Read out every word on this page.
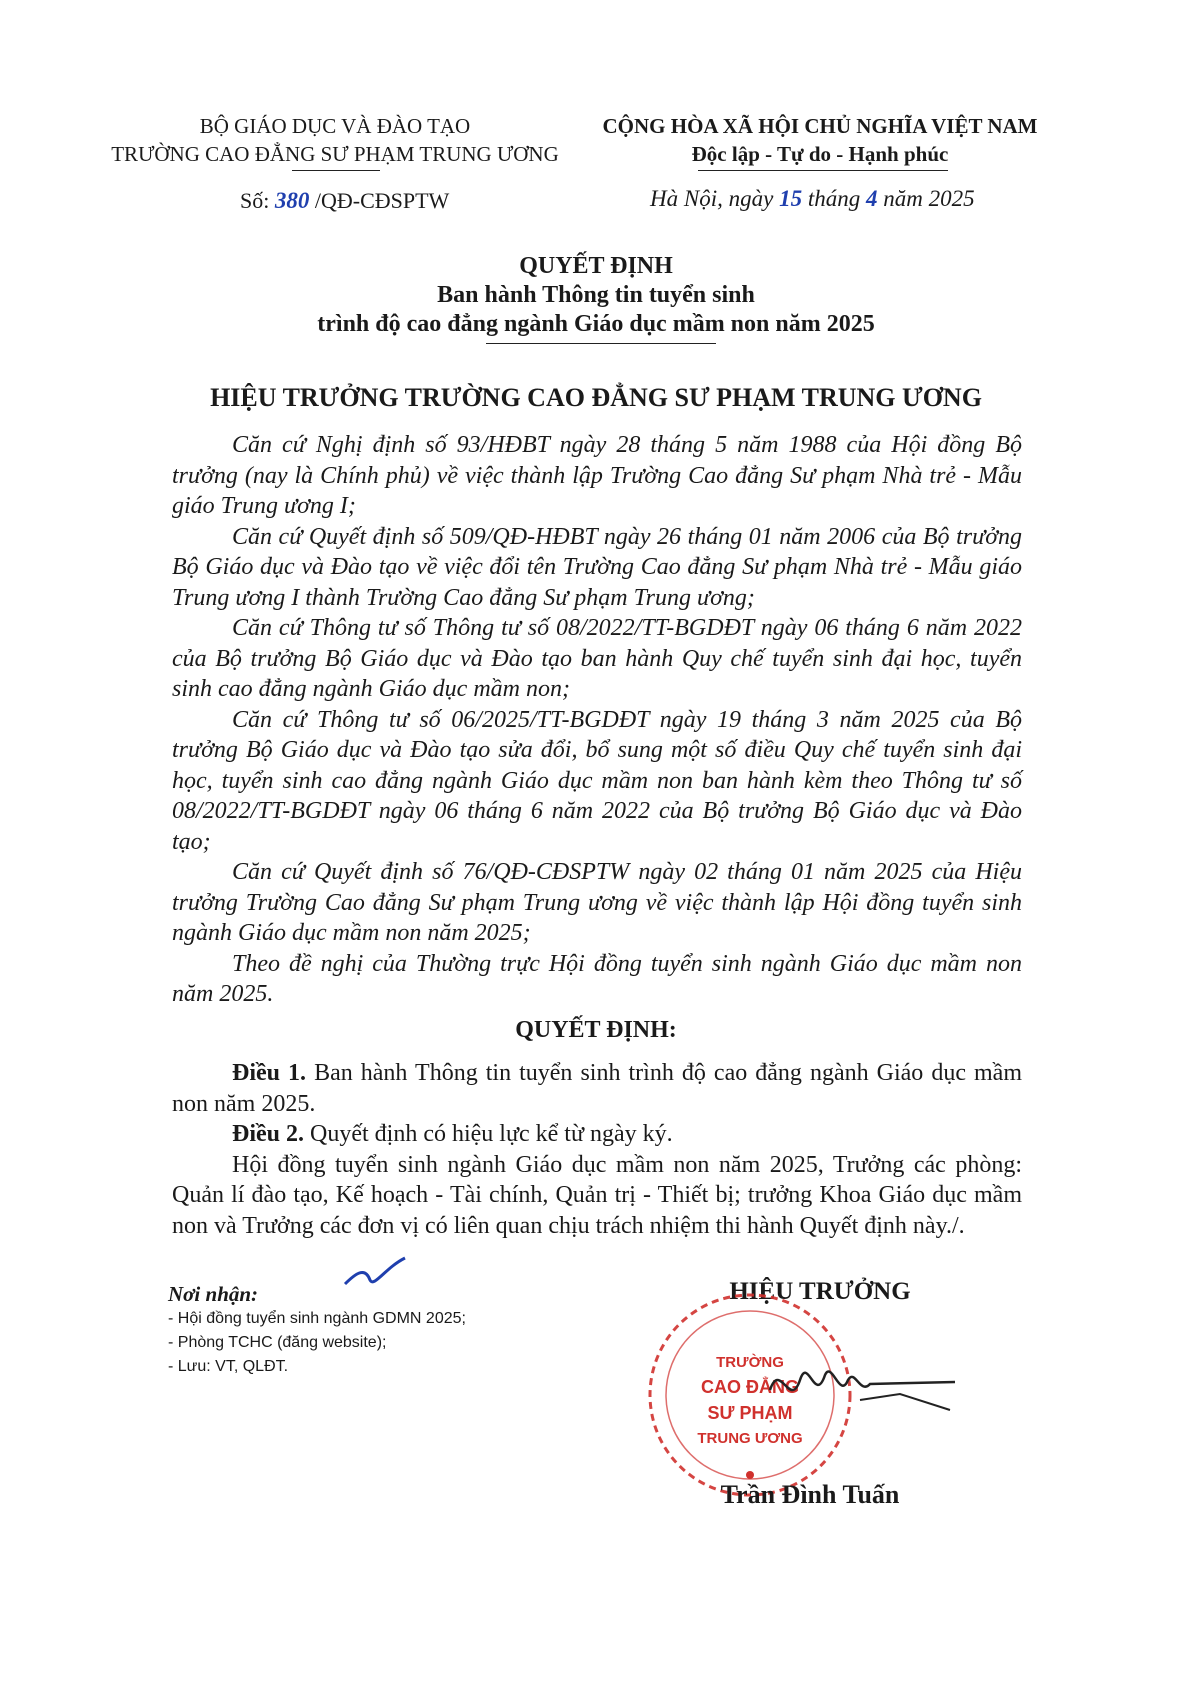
BỘ GIÁO DỤC VÀ ĐÀO TẠO
TRƯỜNG CAO ĐẲNG SƯ PHẠM TRUNG ƯƠNG
CỘNG HÒA XÃ HỘI CHỦ NGHĨA VIỆT NAM
Độc lập - Tự do - Hạnh phúc
Số: 380 /QĐ-CĐSPTW	Hà Nội, ngày 15 tháng 4 năm 2025
QUYẾT ĐỊNH
Ban hành Thông tin tuyển sinh
trình độ cao đẳng ngành Giáo dục mầm non năm 2025
HIỆU TRƯỞNG TRƯỜNG CAO ĐẲNG SƯ PHẠM TRUNG ƯƠNG

Căn cứ Nghị định số 93/HĐBT ngày 28 tháng 5 năm 1988 của Hội đồng Bộ trưởng (nay là Chính phủ) về việc thành lập Trường Cao đẳng Sư phạm Nhà trẻ - Mẫu giáo Trung ương I;

Căn cứ Quyết định số 509/QĐ-HĐBT ngày 26 tháng 01 năm 2006 của Bộ trưởng Bộ Giáo dục và Đào tạo về việc đổi tên Trường Cao đẳng Sư phạm Nhà trẻ - Mẫu giáo Trung ương I thành Trường Cao đẳng Sư phạm Trung ương;

Căn cứ Thông tư số Thông tư số 08/2022/TT-BGDĐT ngày 06 tháng 6 năm 2022 của Bộ trưởng Bộ Giáo dục và Đào tạo ban hành Quy chế tuyển sinh đại học, tuyển sinh cao đẳng ngành Giáo dục mầm non;

Căn cứ Thông tư số 06/2025/TT-BGDĐT ngày 19 tháng 3 năm 2025 của Bộ trưởng Bộ Giáo dục và Đào tạo sửa đổi, bổ sung một số điều Quy chế tuyển sinh đại học, tuyển sinh cao đẳng ngành Giáo dục mầm non ban hành kèm theo Thông tư số 08/2022/TT-BGDĐT ngày 06 tháng 6 năm 2022 của Bộ trưởng Bộ Giáo dục và Đào tạo;

Căn cứ Quyết định số 76/QĐ-CĐSPTW ngày 02 tháng 01 năm 2025 của Hiệu trưởng Trường Cao đẳng Sư phạm Trung ương về việc thành lập Hội đồng tuyển sinh ngành Giáo dục mầm non năm 2025;

Theo đề nghị của Thường trực Hội đồng tuyển sinh ngành Giáo dục mầm non năm 2025.

QUYẾT ĐỊNH:

Điều 1. Ban hành Thông tin tuyển sinh trình độ cao đẳng ngành Giáo dục mầm non năm 2025.

Điều 2. Quyết định có hiệu lực kể từ ngày ký.

Hội đồng tuyển sinh ngành Giáo dục mầm non năm 2025, Trưởng các phòng: Quản lí đào tạo, Kế hoạch - Tài chính, Quản trị - Thiết bị; trưởng Khoa Giáo dục mầm non và Trưởng các đơn vị có liên quan chịu trách nhiệm thi hành Quyết định này./.

Nơi nhận:
- Hội đồng tuyển sinh ngành GDMN 2025;
- Phòng TCHC (đăng website);
- Lưu: VT, QLĐT.
HIỆU TRƯỞNG
TRƯỜNG
CAO ĐẲNG
SƯ PHẠM
TRUNG ƯƠNG
Trần Đình Tuấn
